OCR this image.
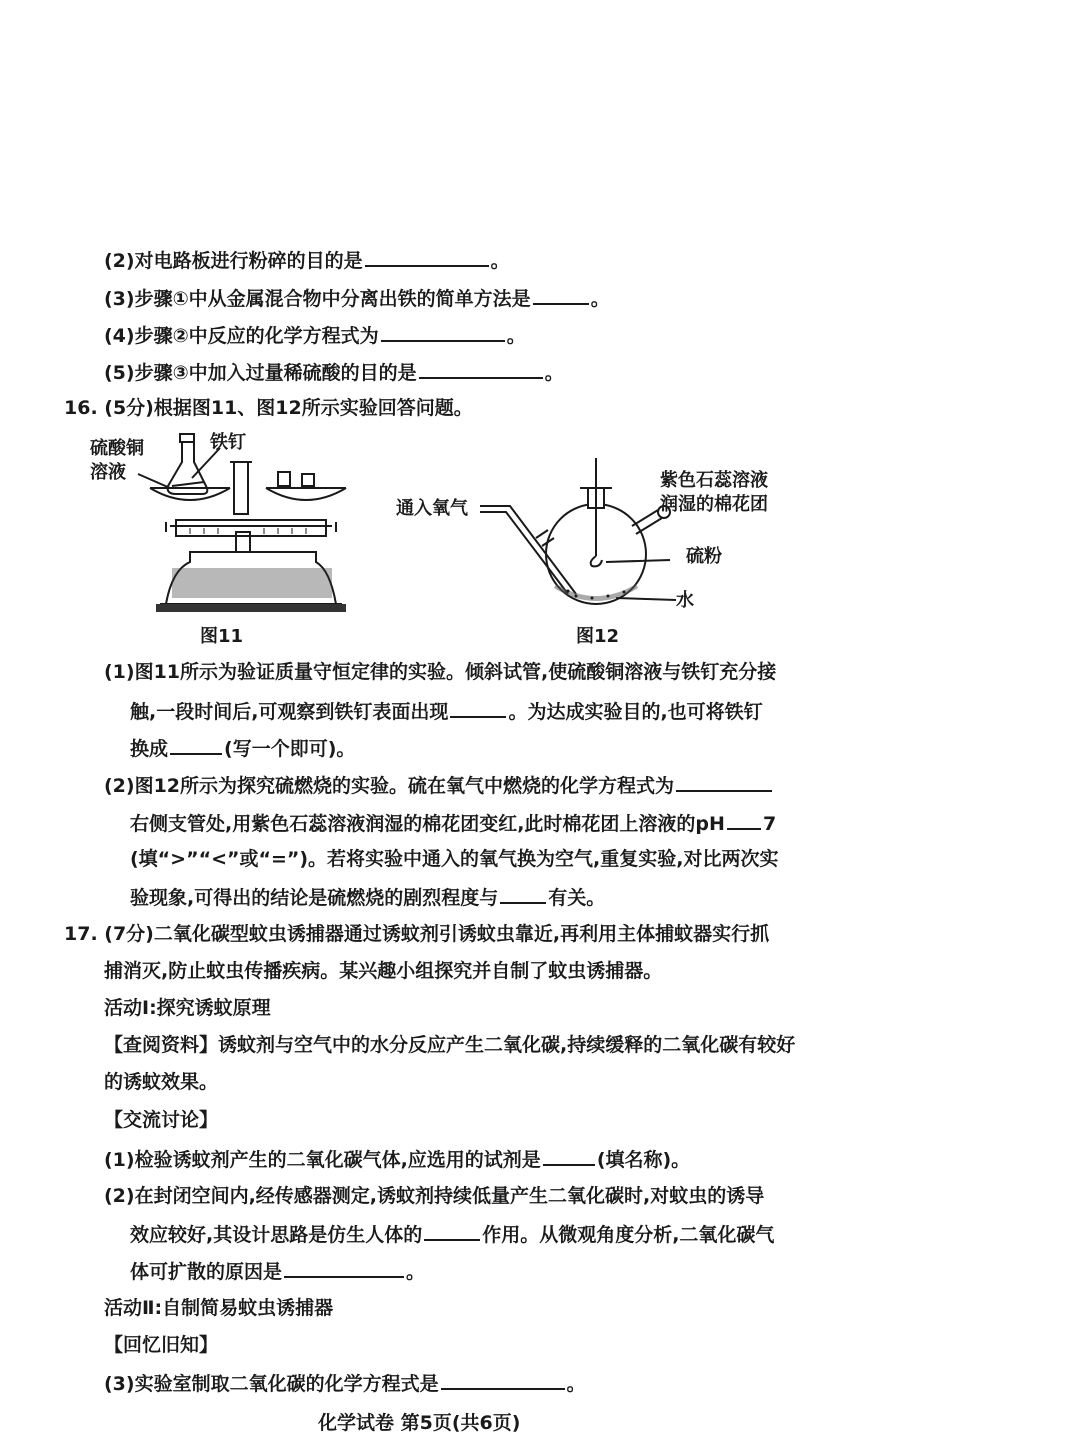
(2)对电路板进行粉碎的目的是	。
(3)步骤①中从金属混合物中分离出铁的简单方法是	。
(4)步骤②中反应的化学方程式为	。
(5)步骤③中加入过量稀硫酸的目的是	。
16. (5分)根据图11、图12所示实验回答问题。
硫酸铜
溶液
铁钉
图11
通入氧气
紫色石蕊溶液
润湿的棉花团
硫粉
水
图12
(1)图11所示为验证质量守恒定律的实验。倾斜试管,使硫酸铜溶液与铁钉充分接
触,一段时间后,可观察到铁钉表面出现	。为达成实验目的,也可将铁钉
换成	(写一个即可)。
(2)图12所示为探究硫燃烧的实验。硫在氧气中燃烧的化学方程式为
右侧支管处,用紫色石蕊溶液润湿的棉花团变红,此时棉花团上溶液的pH 7
(填“>”“<”或“=”)。若将实验中通入的氧气换为空气,重复实验,对比两次实
验现象,可得出的结论是硫燃烧的剧烈程度与	有关。
17. (7分)二氧化碳型蚊虫诱捕器通过诱蚊剂引诱蚊虫靠近,再利用主体捕蚊器实行抓
捕消灭,防止蚊虫传播疾病。某兴趣小组探究并自制了蚊虫诱捕器。
活动Ⅰ:探究诱蚊原理
【查阅资料】诱蚊剂与空气中的水分反应产生二氧化碳,持续缓释的二氧化碳有较好
的诱蚊效果。
【交流讨论】
(1)检验诱蚊剂产生的二氧化碳气体,应选用的试剂是	(填名称)。
(2)在封闭空间内,经传感器测定,诱蚊剂持续低量产生二氧化碳时,对蚊虫的诱导
效应较好,其设计思路是仿生人体的	作用。从微观角度分析,二氧化碳气
体可扩散的原因是	。
活动Ⅱ:自制简易蚊虫诱捕器
【回忆旧知】
(3)实验室制取二氧化碳的化学方程式是	。
化学试卷 第5页(共6页)
